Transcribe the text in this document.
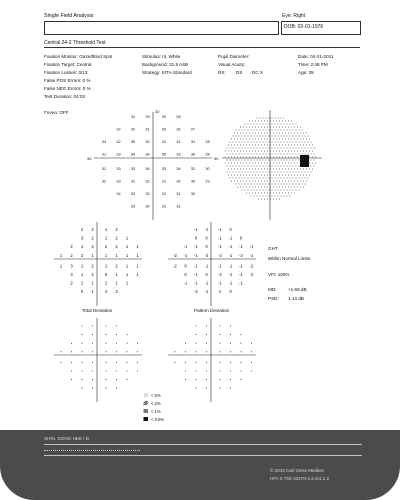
Single Field Analysis	Eye: Right
DOB: 02-01-1976
Central 24-2 Threshold Test
Fixation Monitor: Gaze/Blind Spot
Fixation Target: Central
Fixation Losses: 0/13
False POS Errors: 0 %
False NEG Errors: 0 %
Test Duration: 04:02
Stimulus: III, White
Background: 31.5 ASB
Strategy: SITA-Standard
Pupil Diameter:
Visual Acuity:
RX: DS DC X
Date: 04-21-2011
Time: 2:48 PM
Age: 35
Fovea: OFF	30
30	30
31	29	29	28
32	32	31	29	30	27
34	32	35	30	31	31	31	28
31	33	34	34	35	33	30	28
31	33	33	34	33	34	32	30
32	33	31	32	31	30	30	29
34	33	33	31	31	30
33	30	31	31
2 2	1 2
3 2	1 2 1
2 1 3	2 2 1 1
1 2 2 1	1 1 1 1
1 3 1 2	1 2 1 1
3 1 2	0 1 1 1
2 1 1	1 1 1
0 1	4 3
-1 -1 -1 0
0 0 -1 -1 0
-1 -1 0 -1 -1 -1 -1
-2 -1 -1 -2 -2 -1 -2 -1
-2 0 -1 -1 -1 -1 -1 -2
0 -1 0 -2 -1 -1 -2
-1 -1 -1 -1 -1 -1
-2 -1 1 0
GHT
Within Normal Limits
VFI: 100%
MD:	+1.69 dB
PSD: 1.13 dB
Total Deviation	Pattern Deviation
< 5%
< 2%
< 1%
< 0.5%
SHIN, DONG HEE / B
© 2010 Carl Zeiss Meditec
HFA II 750-10470-4.2.2/4.1.2
